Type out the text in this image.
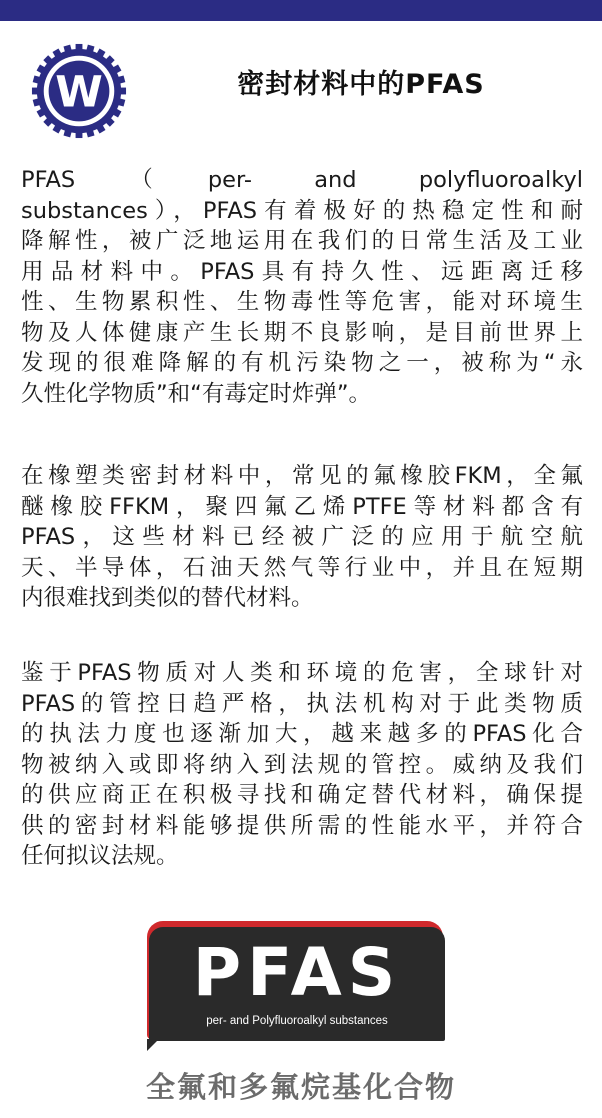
W	密封材料中的PFAS
PFAS（per- and polyfluoroalkyl
substances），PFAS有着极好的热稳定性和耐
降解性，被广泛地运用在我们的日常生活及工业
用品材料中。PFAS具有持久性、远距离迁移
性、生物累积性、生物毒性等危害，能对环境生
物及人体健康产生长期不良影响，是目前世界上
发现的很难降解的有机污染物之一，被称为“永
久性化学物质”和“有毒定时炸弹”。
在橡塑类密封材料中，常见的氟橡胶FKM，全氟
醚橡胶FFKM，聚四氟乙烯PTFE等材料都含有
PFAS，这些材料已经被广泛的应用于航空航
天、半导体，石油天然气等行业中，并且在短期
内很难找到类似的替代材料。
鉴于PFAS物质对人类和环境的危害，全球针对
PFAS的管控日趋严格，执法机构对于此类物质
的执法力度也逐渐加大，越来越多的PFAS化合
物被纳入或即将纳入到法规的管控。威纳及我们
的供应商正在积极寻找和确定替代材料，确保提
供的密封材料能够提供所需的性能水平，并符合
任何拟议法规。
PFAS
per- and Polyfluoroalkyl substances
全氟和多氟烷基化合物
